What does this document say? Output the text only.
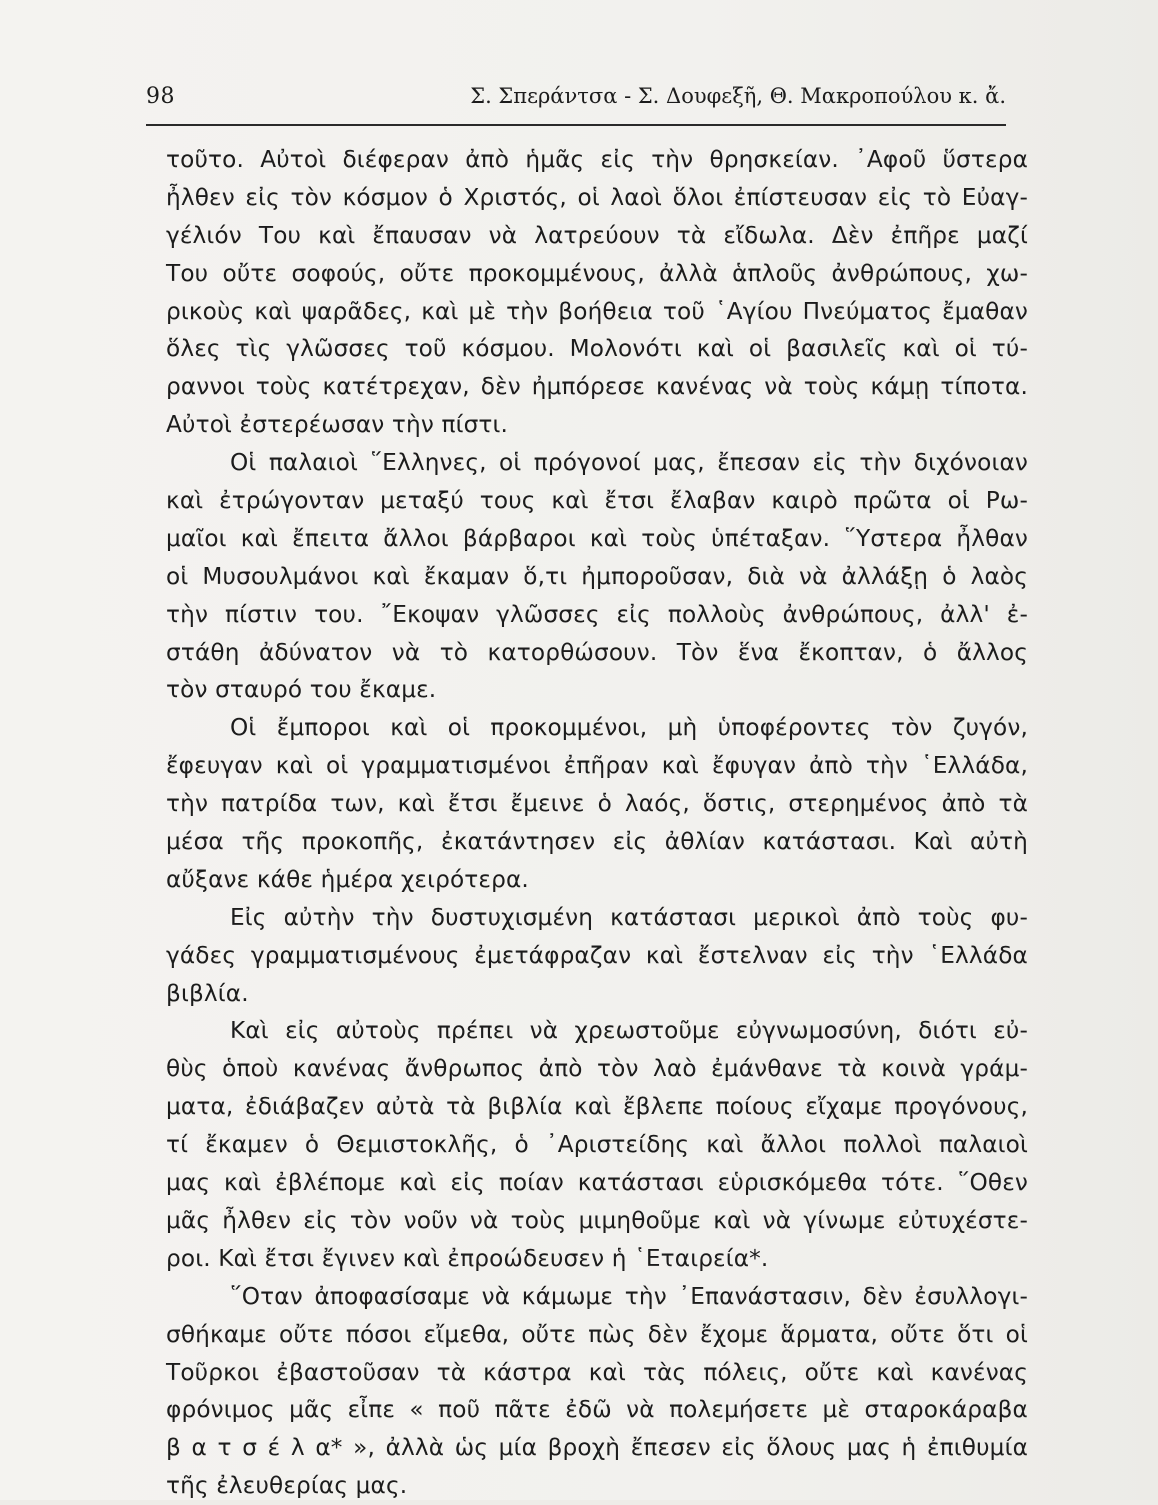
98	Σ. Σπεράντσα - Σ. Δουφεξῆ, Θ. Μακροπούλου κ. ἄ.
τοῦτο. Αὐτοὶ διέφεραν ἀπὸ ἡμᾶς εἰς τὴν θρησκείαν. ᾿Αφοῦ ὕστερα
ἦλθεν εἰς τὸν κόσμον ὁ Χριστός, οἱ λαοὶ ὅλοι ἐπίστευσαν εἰς τὸ Εὐαγ-
γέλιόν Του καὶ ἔπαυσαν νὰ λατρεύουν τὰ εἴδωλα. Δὲν ἐπῆρε μαζί
Του οὔτε σοφούς, οὔτε προκομμένους, ἀλλὰ ἁπλοῦς ἀνθρώπους, χω-
ρικοὺς καὶ ψαρᾶδες, καὶ μὲ τὴν βοήθεια τοῦ ῾Αγίου Πνεύματος ἔμαθαν
ὅλες τὶς γλῶσσες τοῦ κόσμου. Μολονότι καὶ οἱ βασιλεῖς καὶ οἱ τύ-
ραννοι τοὺς κατέτρεχαν, δὲν ἠμπόρεσε κανένας νὰ τοὺς κάμῃ τίποτα.
Αὐτοὶ ἐστερέωσαν τὴν πίστι.
Οἱ παλαιοὶ ῞Ελληνες, οἱ πρόγονοί μας, ἔπεσαν εἰς τὴν διχόνοιαν
καὶ ἐτρώγονταν μεταξύ τους καὶ ἔτσι ἔλαβαν καιρὸ πρῶτα οἱ Ρω-
μαῖοι καὶ ἔπειτα ἄλλοι βάρβαροι καὶ τοὺς ὑπέταξαν. ῞Υστερα ἦλθαν
οἱ Μυσουλμάνοι καὶ ἔκαμαν ὅ,τι ἠμποροῦσαν, διὰ νὰ ἀλλάξῃ ὁ λαὸς
τὴν πίστιν του. ῎Εκοψαν γλῶσσες εἰς πολλοὺς ἀνθρώπους, ἀλλ' ἐ-
στάθη ἀδύνατον νὰ τὸ κατορθώσουν. Τὸν ἕνα ἔκοπταν, ὁ ἄλλος
τὸν σταυρό του ἔκαμε.
Οἱ ἔμποροι καὶ οἱ προκομμένοι, μὴ ὑποφέροντες τὸν ζυγόν,
ἔφευγαν καὶ οἱ γραμματισμένοι ἐπῆραν καὶ ἔφυγαν ἀπὸ τὴν ῾Ελλάδα,
τὴν πατρίδα των, καὶ ἔτσι ἔμεινε ὁ λαός, ὅστις, στερημένος ἀπὸ τὰ
μέσα τῆς προκοπῆς, ἐκατάντησεν εἰς ἀθλίαν κατάστασι. Καὶ αὐτὴ
αὔξανε κάθε ἡμέρα χειρότερα.
Εἰς αὐτὴν τὴν δυστυχισμένη κατάστασι μερικοὶ ἀπὸ τοὺς φυ-
γάδες γραμματισμένους ἐμετάφραζαν καὶ ἔστελναν εἰς τὴν ῾Ελλάδα
βιβλία.
Καὶ εἰς αὐτοὺς πρέπει νὰ χρεωστοῦμε εὐγνωμοσύνη, διότι εὐ-
θὺς ὁποὺ κανένας ἄνθρωπος ἀπὸ τὸν λαὸ ἐμάνθανε τὰ κοινὰ γράμ-
ματα, ἐδιάβαζεν αὐτὰ τὰ βιβλία καὶ ἔβλεπε ποίους εἴχαμε προγόνους,
τί ἔκαμεν ὁ Θεμιστοκλῆς, ὁ ᾿Αριστείδης καὶ ἄλλοι πολλοὶ παλαιοὶ
μας καὶ ἐβλέπομε καὶ εἰς ποίαν κατάστασι εὑρισκόμεθα τότε. ῞Οθεν
μᾶς ἦλθεν εἰς τὸν νοῦν νὰ τοὺς μιμηθοῦμε καὶ νὰ γίνωμε εὐτυχέστε-
ροι. Καὶ ἔτσι ἔγινεν καὶ ἐπροώδευσεν ἡ ῾Εταιρεία*.
῞Οταν ἀποφασίσαμε νὰ κάμωμε τὴν ᾿Επανάστασιν, δὲν ἐσυλλογι-
σθήκαμε οὔτε πόσοι εἴμεθα, οὔτε πὼς δὲν ἔχομε ἅρματα, οὔτε ὅτι οἱ
Τοῦρκοι ἐβαστοῦσαν τὰ κάστρα καὶ τὰς πόλεις, οὔτε καὶ κανένας
φρόνιμος μᾶς εἶπε « ποῦ πᾶτε ἐδῶ νὰ πολεμήσετε μὲ σταροκάραβα
β α τ σ έ λ α* », ἀλλὰ ὡς μία βροχὴ ἔπεσεν εἰς ὅλους μας ἡ ἐπιθυμία
τῆς ἐλευθερίας μας.
